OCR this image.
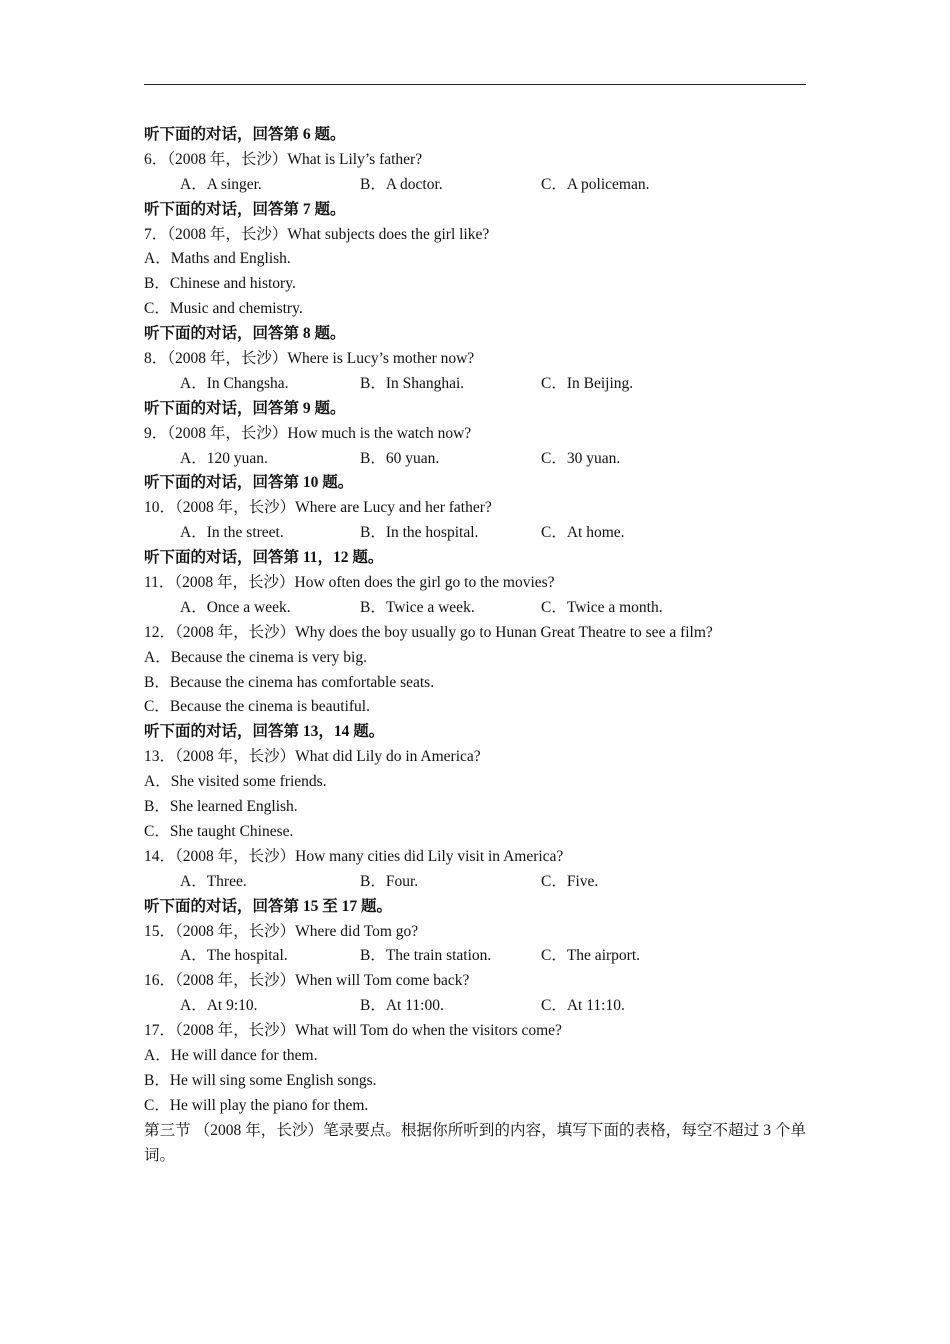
听下面的对话，回答第 6 题。
6．（2008 年，长沙）What is Lily’s father?
A．A singer.	B．A doctor.	C．A policeman.
听下面的对话，回答第 7 题。
7．（2008 年，长沙）What subjects does the girl like?
A．Maths and English.
B．Chinese and history.
C．Music and chemistry.
听下面的对话，回答第 8 题。
8．（2008 年，长沙）Where is Lucy’s mother now?
A．In Changsha.	B．In Shanghai.	C．In Beijing.
听下面的对话，回答第 9 题。
9．（2008 年，长沙）How much is the watch now?
A．120 yuan.	B．60 yuan.	C．30 yuan.
听下面的对话，回答第 10 题。
10．（2008 年，长沙）Where are Lucy and her father?
A．In the street.	B．In the hospital.	C．At home.
听下面的对话，回答第 11，12 题。
11．（2008 年，长沙）How often does the girl go to the movies?
A．Once a week.	B．Twice a week.	C．Twice a month.
12．（2008 年，长沙）Why does the boy usually go to Hunan Great Theatre to see a film?
A．Because the cinema is very big.
B．Because the cinema has comfortable seats.
C．Because the cinema is beautiful.
听下面的对话，回答第 13，14 题。
13．（2008 年，长沙）What did Lily do in America?
A．She visited some friends.
B．She learned English.
C．She taught Chinese.
14．（2008 年，长沙）How many cities did Lily visit in America?
A．Three.	B．Four.	C．Five.
听下面的对话，回答第 15 至 17 题。
15．（2008 年，长沙）Where did Tom go?
A．The hospital.	B．The train station.	C．The airport.
16．（2008 年，长沙）When will Tom come back?
A．At 9:10.	B．At 11:00.	C．At 11:10.
17．（2008 年，长沙）What will Tom do when the visitors come?
A．He will dance for them.
B．He will sing some English songs.
C．He will play the piano for them.
第三节 （2008 年，长沙）笔录要点。根据你所听到的内容，填写下面的表格，每空不超过 3 个单词。
